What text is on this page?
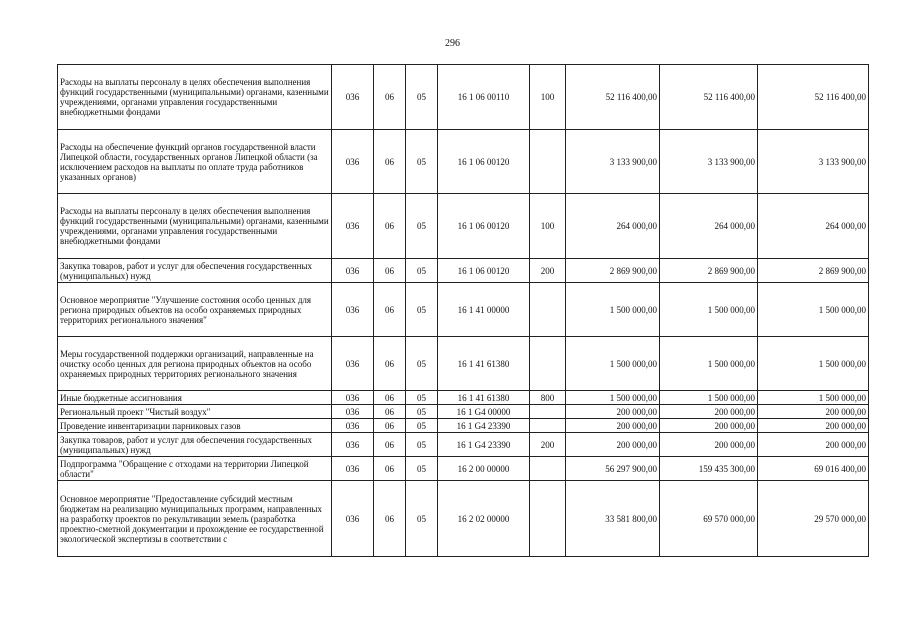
296
Расходы на выплаты персоналу в целях обеспечения выполнения функций государственными (муниципальными) органами, казенными учреждениями, органами управления государственными внебюджетными фондами	036	06	05	16 1 06 00110	100	52 116 400,00	52 116 400,00	52 116 400,00
Расходы на обеспечение функций органов государственной власти Липецкой области, государственных органов Липецкой области (за исключением расходов на выплаты по оплате труда работников указанных органов)	036	06	05	16 1 06 00120		3 133 900,00	3 133 900,00	3 133 900,00
Расходы на выплаты персоналу в целях обеспечения выполнения функций государственными (муниципальными) органами, казенными учреждениями, органами управления государственными внебюджетными фондами	036	06	05	16 1 06 00120	100	264 000,00	264 000,00	264 000,00
Закупка товаров, работ и услуг для обеспечения государственных (муниципальных) нужд	036	06	05	16 1 06 00120	200	2 869 900,00	2 869 900,00	2 869 900,00
Основное мероприятие "Улучшение состояния особо ценных для региона природных объектов на особо охраняемых природных территориях регионального значения"	036	06	05	16 1 41 00000		1 500 000,00	1 500 000,00	1 500 000,00
Меры государственной поддержки организаций, направленные на очистку особо ценных для региона природных объектов на особо охраняемых природных территориях регионального значения	036	06	05	16 1 41 61380		1 500 000,00	1 500 000,00	1 500 000,00
Иные бюджетные ассигнования	036	06	05	16 1 41 61380	800	1 500 000,00	1 500 000,00	1 500 000,00
Региональный проект "Чистый воздух"	036	06	05	16 1 G4 00000		200 000,00	200 000,00	200 000,00
Проведение инвентаризации парниковых газов	036	06	05	16 1 G4 23390		200 000,00	200 000,00	200 000,00
Закупка товаров, работ и услуг для обеспечения государственных (муниципальных) нужд	036	06	05	16 1 G4 23390	200	200 000,00	200 000,00	200 000,00
Подпрограмма "Обращение с отходами на территории Липецкой области"	036	06	05	16 2 00 00000		56 297 900,00	159 435 300,00	69 016 400,00
Основное мероприятие "Предоставление субсидий местным бюджетам на реализацию муниципальных программ, направленных на разработку проектов по рекультивации земель (разработка проектно-сметной документации и прохождение ее государственной экологической экспертизы в соответствии с	036	06	05	16 2 02 00000		33 581 800,00	69 570 000,00	29 570 000,00
